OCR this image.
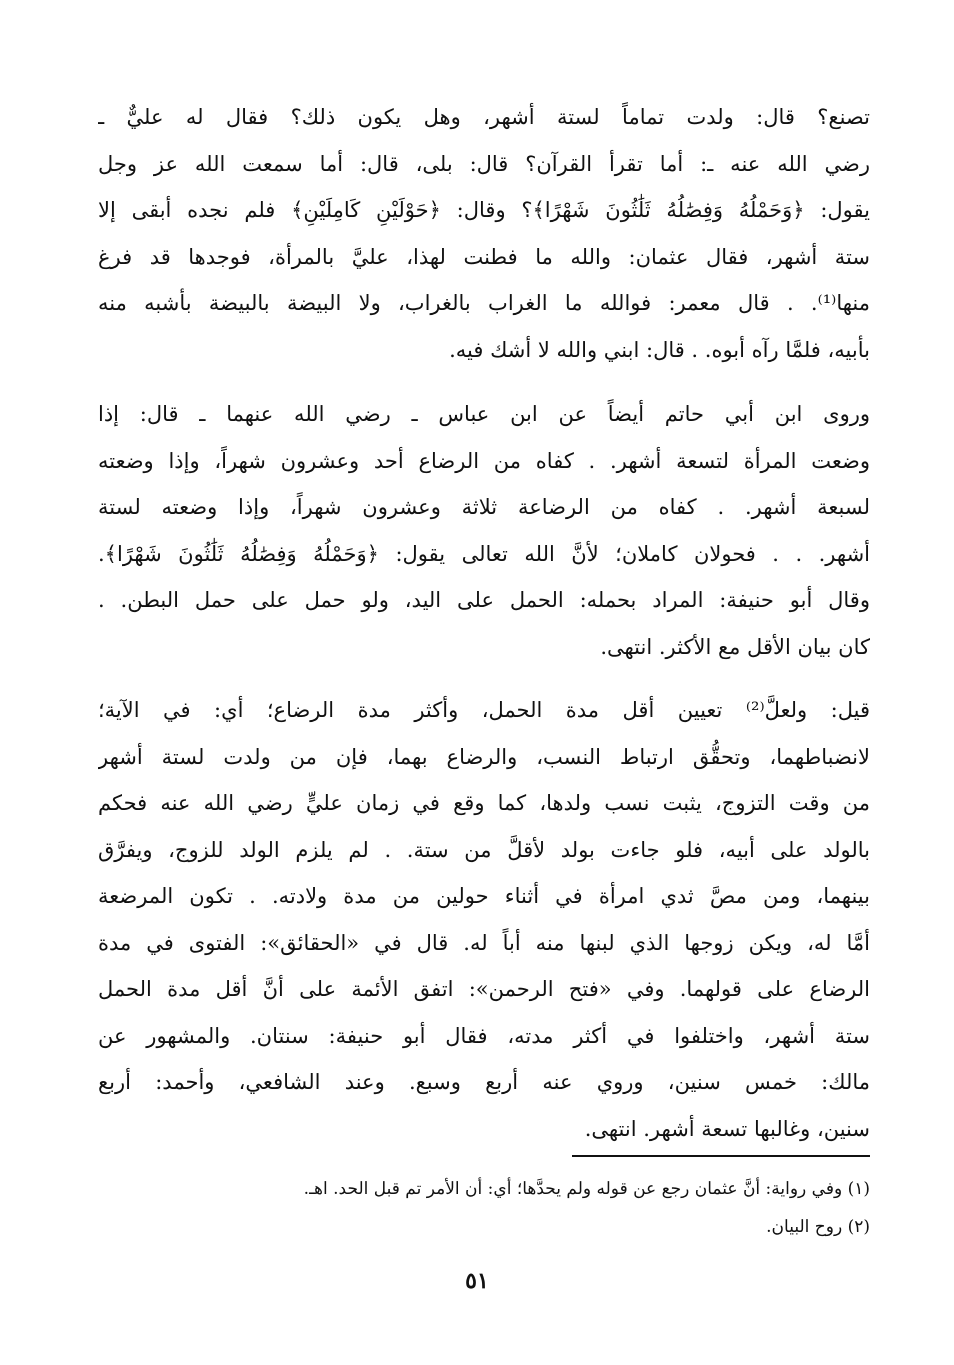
تصنع؟ قال: ولدت تماماً لستة أشهر، وهل يكون ذلك؟ فقال له عليٌّ ـ
رضي الله عنه ـ: أما تقرأ القرآن؟ قال: بلى، قال: أما سمعت الله عز وجل
يقول: ﴿وَحَمْلُهُ وَفِصَٰلُهُ ثَلَٰثُونَ شَهْرًا﴾؟ وقال: ﴿حَوْلَيْنِ كَامِلَيْنِ﴾ فلم نجده أبقى إلا
ستة أشهر، فقال عثمان: والله ما فطنت لهذا، عليَّ بالمرأة، فوجدها قد فرغ
منها⁽¹⁾. . قال معمر: فوالله ما الغراب بالغراب، ولا البيضة بالبيضة بأشبه منه
بأبيه، فلمَّا رآه أبوه. . قال: ابني والله لا أشك فيه.
وروى ابن أبي حاتم أيضاً عن ابن عباس ـ رضي الله عنهما ـ قال: إذا
وضعت المرأة لتسعة أشهر. . كفاه من الرضاع أحد وعشرون شهراً، وإذا وضعته
لسبعة أشهر. . كفاه من الرضاعة ثلاثة وعشرون شهراً، وإذا وضعته لستة
أشهر. . . فحولان كاملان؛ لأنَّ الله تعالى يقول: ﴿وَحَمْلُهُ وَفِصَٰلُهُ ثَلَٰثُونَ شَهْرًا﴾.
وقال أبو حنيفة: المراد بحمله: الحمل على اليد، ولو حمل على حمل البطن. .
كان بيان الأقل مع الأكثر. انتهى.
قيل: ولعلَّ⁽²⁾ تعيين أقل مدة الحمل، وأكثر مدة الرضاع؛ أي: في الآية؛
لانضباطهما، وتحقُّق ارتباط النسب، والرضاع بهما، فإن من ولدت لستة أشهر
من وقت التزوج، يثبت نسب ولدها، كما وقع في زمان عليٍّ رضي الله عنه فحكم
بالولد على أبيه، فلو جاءت بولد لأقلَّ من ستة. . لم يلزم الولد للزوج، ويفرَّق
بينهما، ومن مصَّ ثدي امرأة في أثناء حولين من مدة ولادته. . تكون المرضعة
أمَّا له، ويكن زوجها الذي لبنها منه أباً له. قال في «الحقائق»: الفتوى في مدة
الرضاع على قولهما. وفي «فتح الرحمن»: اتفق الأئمة على أنَّ أقل مدة الحمل
ستة أشهر، واختلفوا في أكثر مدته، فقال أبو حنيفة: سنتان. والمشهور عن
مالك: خمس سنين، وروي عنه أربع وسبع. وعند الشافعي، وأحمد: أربع
سنين، وغالبها تسعة أشهر. انتهى.
(١) وفي رواية: أنَّ عثمان رجع عن قوله ولم يحدَّها؛ أي: أن الأمر تم قبل الحد. اهـ.
(٢) روح البيان.
٥١
